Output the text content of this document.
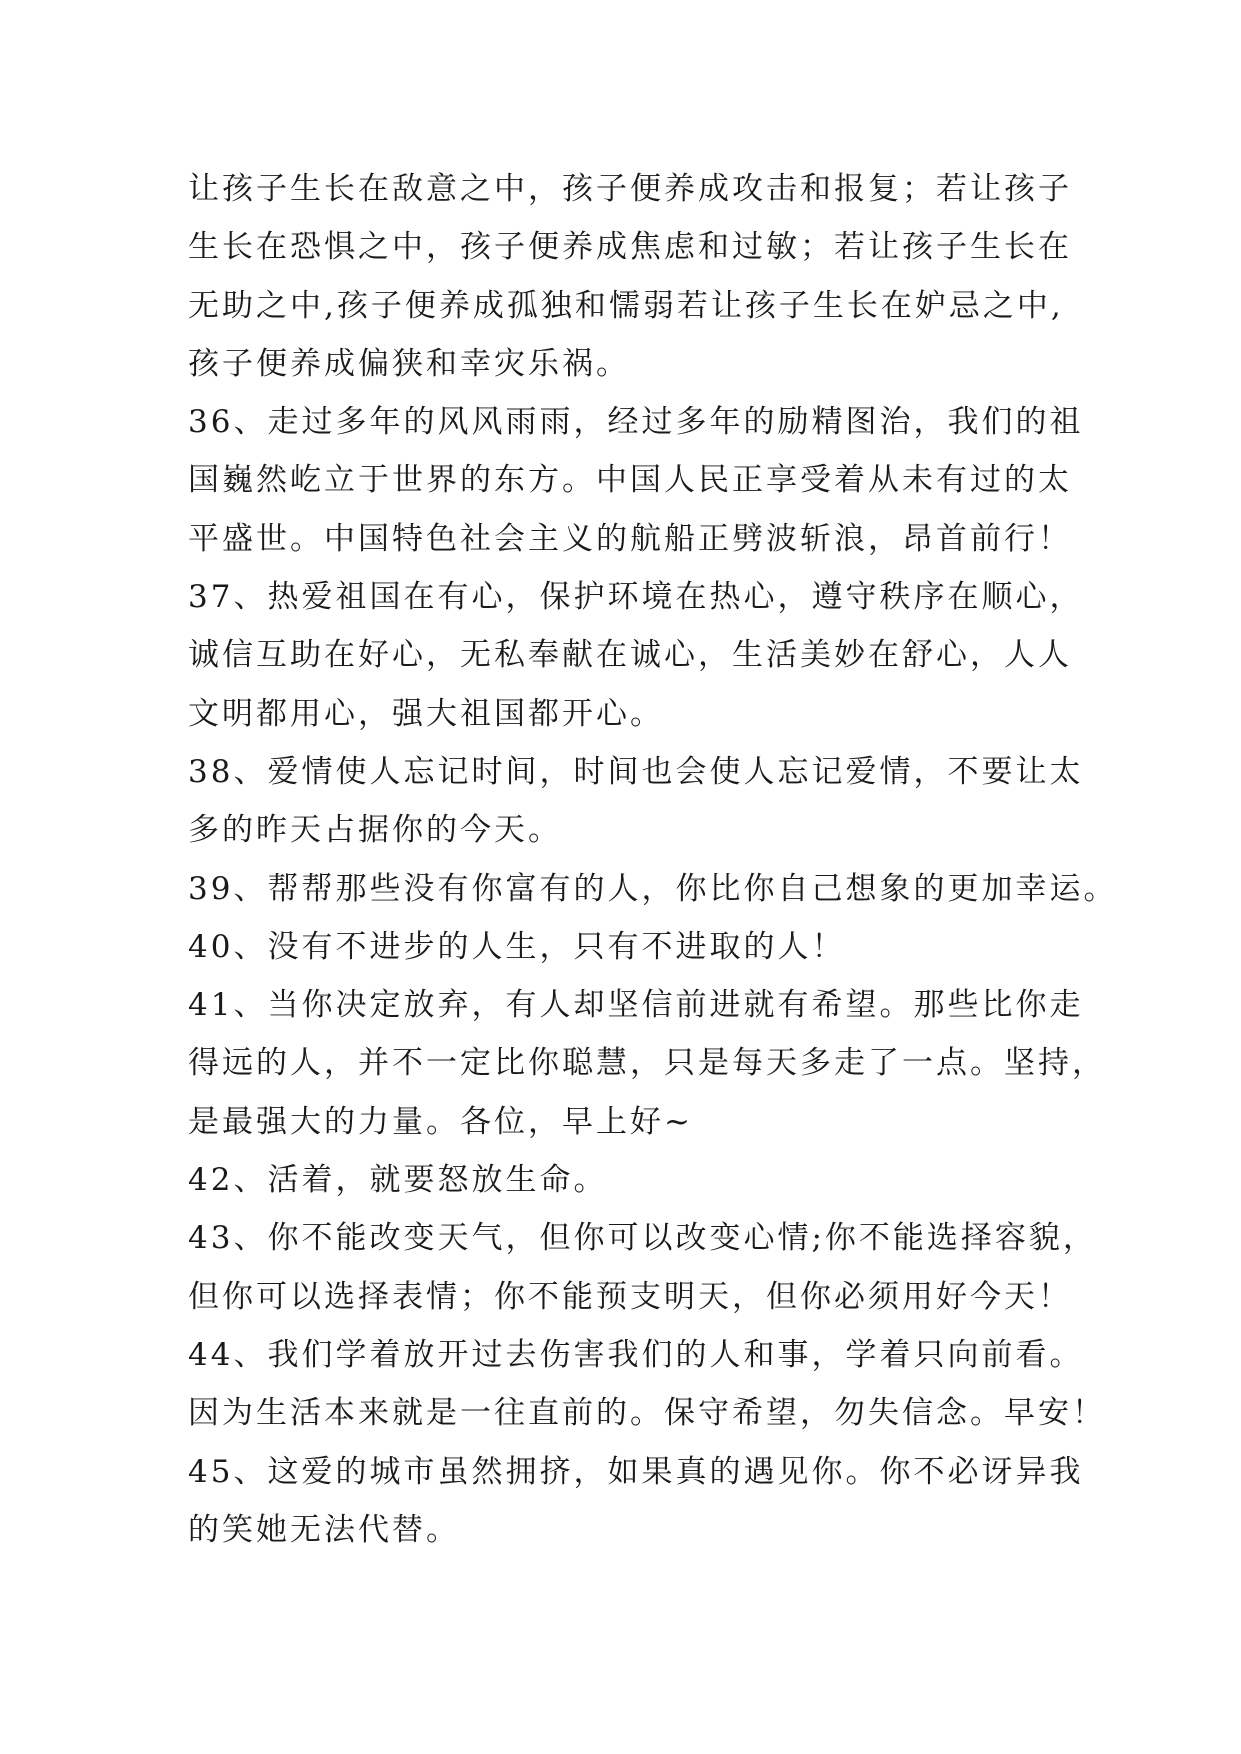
让孩子生长在敌意之中，孩子便养成攻击和报复；若让孩子
生长在恐惧之中，孩子便养成焦虑和过敏；若让孩子生长在
无助之中,孩子便养成孤独和懦弱若让孩子生长在妒忌之中,
孩子便养成偏狭和幸灾乐祸。
36、走过多年的风风雨雨，经过多年的励精图治，我们的祖
国巍然屹立于世界的东方。中国人民正享受着从未有过的太
平盛世。中国特色社会主义的航船正劈波斩浪，昂首前行！
37、热爱祖国在有心，保护环境在热心，遵守秩序在顺心，
诚信互助在好心，无私奉献在诚心，生活美妙在舒心，人人
文明都用心，强大祖国都开心。
38、爱情使人忘记时间，时间也会使人忘记爱情，不要让太
多的昨天占据你的今天。
39、帮帮那些没有你富有的人，你比你自己想象的更加幸运。
40、没有不进步的人生，只有不进取的人！
41、当你决定放弃，有人却坚信前进就有希望。那些比你走
得远的人，并不一定比你聪慧，只是每天多走了一点。坚持，
是最强大的力量。各位，早上好~
42、活着，就要怒放生命。
43、你不能改变天气，但你可以改变心情;你不能选择容貌，
但你可以选择表情；你不能预支明天，但你必须用好今天！
44、我们学着放开过去伤害我们的人和事，学着只向前看。
因为生活本来就是一往直前的。保守希望，勿失信念。早安！
45、这爱的城市虽然拥挤，如果真的遇见你。你不必讶异我
的笑她无法代替。
